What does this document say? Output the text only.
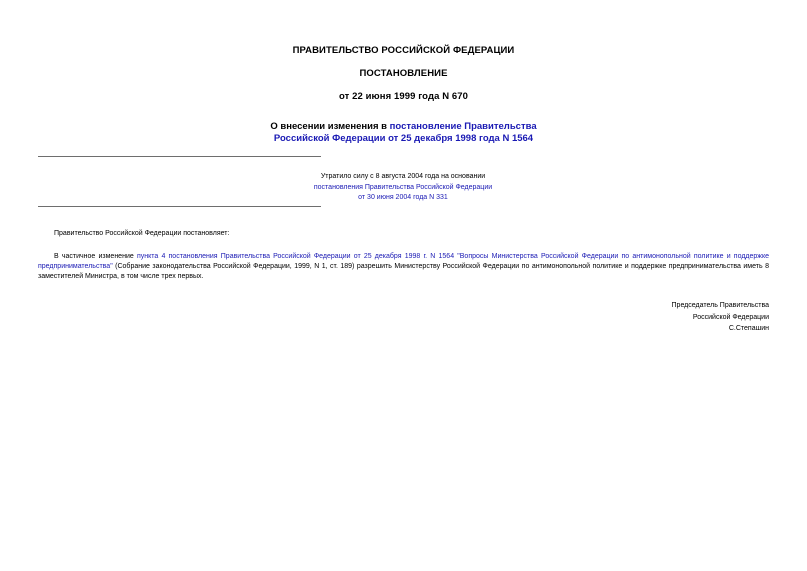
ПРАВИТЕЛЬСТВО РОССИЙСКОЙ ФЕДЕРАЦИИ
ПОСТАНОВЛЕНИЕ
от 22 июня 1999 года N 670
О внесении изменения в постановление Правительства
Российской Федерации от 25 декабря 1998 года N 1564
Утратило силу с 8 августа 2004 года на основании
постановления Правительства Российской Федерации
от 30 июня 2004 года N 331
Правительство Российской Федерации постановляет:
В частичное изменение пункта 4 постановления Правительства Российской Федерации от 25 декабря 1998 г. N 1564 "Вопросы Министерства Российской Федерации по антимонопольной политике и поддержке предпринимательства" (Собрание законодательства Российской Федерации, 1999, N 1, ст. 189) разрешить Министерству Российской Федерации по антимонопольной политике и поддержке предпринимательства иметь 8 заместителей Министра, в том числе трех первых.
Председатель Правительства
Российской Федерации
С.Степашин
